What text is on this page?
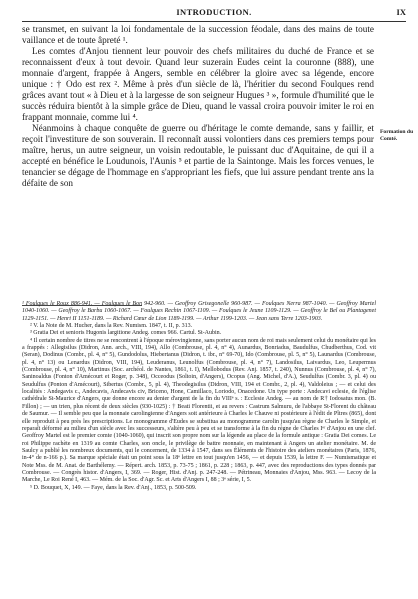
INTRODUCTION.	IX

se transmet, en suivant la loi fondamentale de la succession féodale, dans des mains de toute vaillance et de toute âpreté ¹.

Les comtes d'Anjou tiennent leur pouvoir des chefs militaires du duché de France et se reconnaissent d'eux à tout devoir. Quand leur suzerain Eudes ceint la couronne (888), une monnaie d'argent, frappée à Angers, semble en célébrer la gloire avec sa légende, encore unique : † Odo est rex ². Même à près d'un siècle de là, l'héritier du second Foulques rend grâces avant tout « à Dieu et à la largesse de son seigneur Hugues ³ », formule d'humilité que le succès réduira bientôt à la simple grâce de Dieu, quand le vassal croira pouvoir imiter le roi en frappant monnaie, comme lui ⁴.

Néanmoins à chaque conquête de guerre ou d'héritage le comte demande, sans y faillir, et reçoit l'investiture de son souverain. Il reconnaît aussi volontiers dans ces premiers temps pour maître, herus, un autre seigneur, un voisin redoutable, le puissant duc d'Aquitaine, de qui il a accepté en bénéfice le Loudunois, l'Aunis ⁵ et partie de la Saintonge. Mais les forces venues, le tenancier se dégage de l'hommage en s'appropriant les fiefs, que lui assure pendant trente ans la défaite de son

Formation du Comté.

¹ Foulques le Roux 886-941. — Foulques le Bon 942-960. — Geoffroy Grisegonelle 960-987. — Foulques Nerra 987-1040. — Geoffroy Martel 1040-1060. — Geoffroy le Barbu 1060-1067. — Foulques Rechin 1067-1109. — Foulques le Jeune 1109-1129. — Geoffroy le Bel ou Plantagenet 1129-1151. — Henri II 1151-1189. — Richard Cœur de Lion 1189-1199. — Arthur 1199-1203. — Jean sans Terre 1203-1903.

² V. la Note de M. Hucher, dans la Rev. Numism. 1847, t. II, p. 313.

³ Gratia Dei et senioris Hugonis largitione Andeg. comes 966. Cartul. St-Aubin.

⁴ Il certain nombre de titres ne se rencontrent à l'époque mérovingienne, sans porter aucun nom de roi mais seulement celui du monétaire qui les a frappés : Allegisilus (Didron, Ann. arch., VIII, 194), Allo (Combrouse, pl. 4, n° 4), Aunardus, Bonriadus, Baudulfus, Chudberthus, Cod. vit (Seran), Dodinus (Combr., pl. 4, n° 5), Gundodolus, Hiebertanus (Didron, t. ibr., n° 69-70), Ido (Combrouse, pl. 5, n° 5), Launardus (Combrouse, pl. 4, n° 13) ou Lenardus (Didron, VIII, 194), Leuderanus, Leunolfus (Combrouse, pl. 4, n° 7), Landosilus, Laivardus, Leo, Leupermus (Combrouse, pl. 4, n° 10), Martinus (Soc. archéol. de Nantes, 1861, t. I), Mellobodus (Rev. Anj. 1857, t. 240), Nunnus (Combrouse, pl. 4, n° 7), Saninoaldus (Fonton d'Amécourt et Roger, p. 348), Occeodus (Soltoin, d'Angers), Ocopus (Ang. Michel, d'A.), Seudulfus (Combr. 3, pl. 4) ou Seudulfus (Ponton d'Amécourt), Sibertus (Combr., 5, pl. 4), Theodegisilus (Didron, VIII, 194 et Combr., 2, pl. 4), Valdoleius ; — et celui des localités : Andegavis c., Andecavis, Andecavis civ, Briceno, Hone, Camillaco, Loriodo, Onacedone. Un type porte : Andecavi eclesie, de l'église cathédrale St-Maurice d'Angers, que donne encore au denier d'argent de la fin du VIIIᵉ s. : Ecclesie Andeg. — au nom de R† Iodosatus mon. (B. Fillon) ; — un trien, plus récent de deux siècles (930-1025) : † Beati Florentii, et au revers : Castrum Salmuru, de l'abbaye St-Florent du château de Saumur. — Il semble peu que la monnaie carolingienne d'Angers soit antérieure à Charles le Chauve ni postérieure à l'édit de Pîtres (865), dont elle reproduit à peu près les prescriptions. Le monogramme d'Eudes se substitua au monogramme carolin jusqu'au règne de Charles le Simple, et reparaît déformé au milieu d'un siècle avec les successeurs, s'altère peu à peu et se transforme à la fin du règne de Charles Iᵉʳ d'Anjou en une clef. Geoffroy Martel est le premier comte (1040-1060), qui inscrit son propre nom sur la légende au place de la formule antique : Gratia Dei comes. Le roi Philippe rachète en 1319 au comte Charles, son oncle, le privilège de battre monnaie, en maintenant à Angers un atelier monétaire. M. de Saulcy a publié les nombreux documents, qui le concernent, de 1334 à 1547, dans ses Éléments de l'histoire des ateliers monétaires (Paris, 1876, in-4° de n-166 p.). Sa marque spéciale était un point sous la 18ᵉ lettre en tout jusqu'en 1456, — et depuis 1539, la lettre F. — Numismatique et Note Mss. de M. Anat. de Barthélemy. — Répert. arch. 1853, p. 73-75 ; 1861, p. 228 ; 1863, p. 447, avec des reproductions des types donnés par Combrouse. — Congrès histor. d'Angers, I, 369. — Roger, Hist. d'Anj. p. 247-248. — Pétrineau, Monnaies d'Anjou, Mss. 963. — Lecoy de la Marche, Le Roi René I, 463. — Mém. de la Soc. d'Agr. Sc. et Arts d'Angers I, 88 ; 3ᵉ série, I, 5.

⁵ D. Bouquet, X, 149. — Faye, dans la Rev. d'Anj., 1853, p. 500-509.
